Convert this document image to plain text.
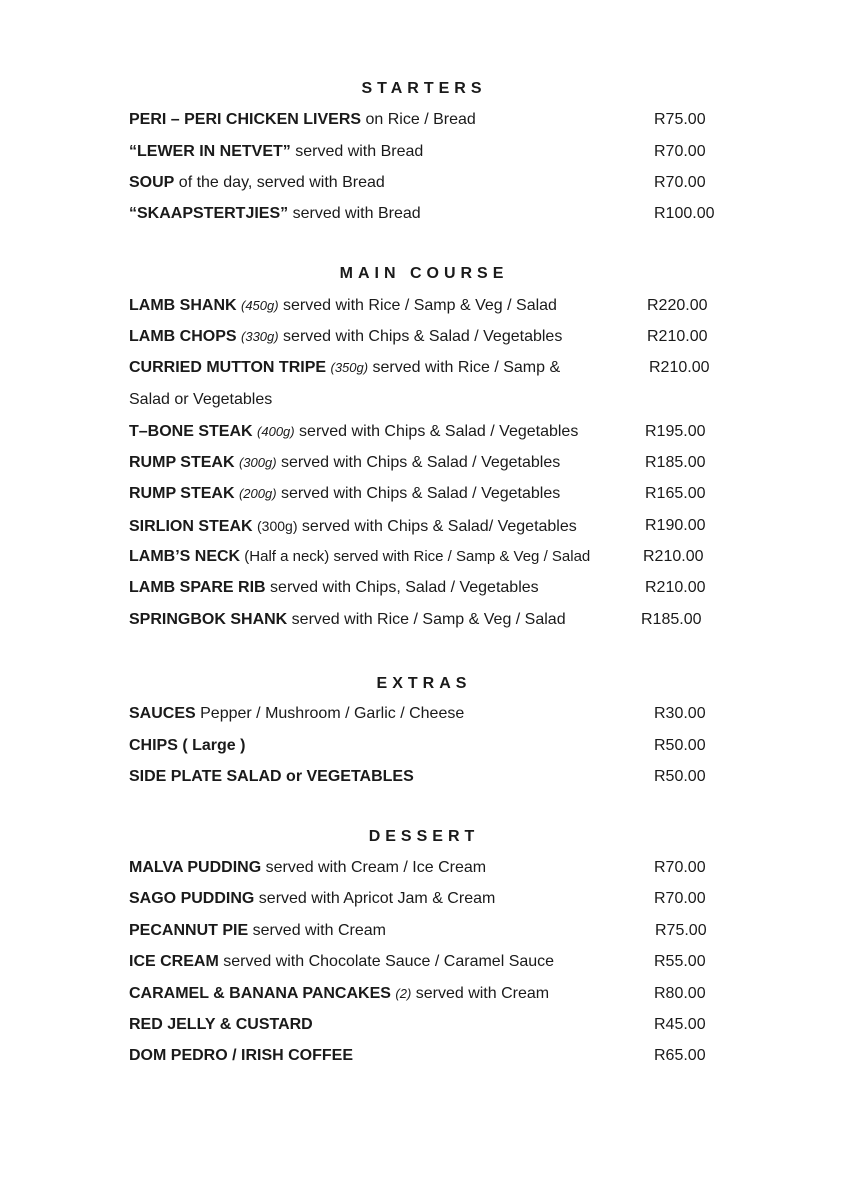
STARTERS
PERI – PERI CHICKEN LIVERS on Rice / Bread	R75.00
“LEWER IN NETVET” served with Bread	R70.00
SOUP of the day, served with Bread	R70.00
“SKAAPSTERTJIES” served with Bread	R100.00
MAIN COURSE
LAMB SHANK (450g) served with Rice / Samp & Veg / Salad	R220.00
LAMB CHOPS (330g) served with Chips & Salad / Vegetables	R210.00
CURRIED MUTTON TRIPE (350g) served with Rice / Samp &	R210.00
Salad or Vegetables
T–BONE STEAK (400g) served with Chips & Salad / Vegetables	R195.00
RUMP STEAK (300g) served with Chips & Salad / Vegetables	R185.00
RUMP STEAK (200g) served with Chips & Salad / Vegetables	R165.00
SIRLION STEAK (300g) served with Chips & Salad/ Vegetables	R190.00
LAMB’S NECK (Half a neck) served with Rice / Samp & Veg / Salad	R210.00
LAMB SPARE RIB served with Chips, Salad / Vegetables	R210.00
SPRINGBOK SHANK served with Rice / Samp & Veg / Salad	R185.00
EXTRAS
SAUCES Pepper / Mushroom / Garlic / Cheese	R30.00
CHIPS ( Large )	R50.00
SIDE PLATE SALAD or VEGETABLES	R50.00
DESSERT
MALVA PUDDING served with Cream / Ice Cream	R70.00
SAGO PUDDING served with Apricot Jam & Cream	R70.00
PECANNUT PIE served with Cream	R75.00
ICE CREAM served with Chocolate Sauce / Caramel Sauce	R55.00
CARAMEL & BANANA PANCAKES (2) served with Cream	R80.00
RED JELLY & CUSTARD	R45.00
DOM PEDRO / IRISH COFFEE	R65.00
